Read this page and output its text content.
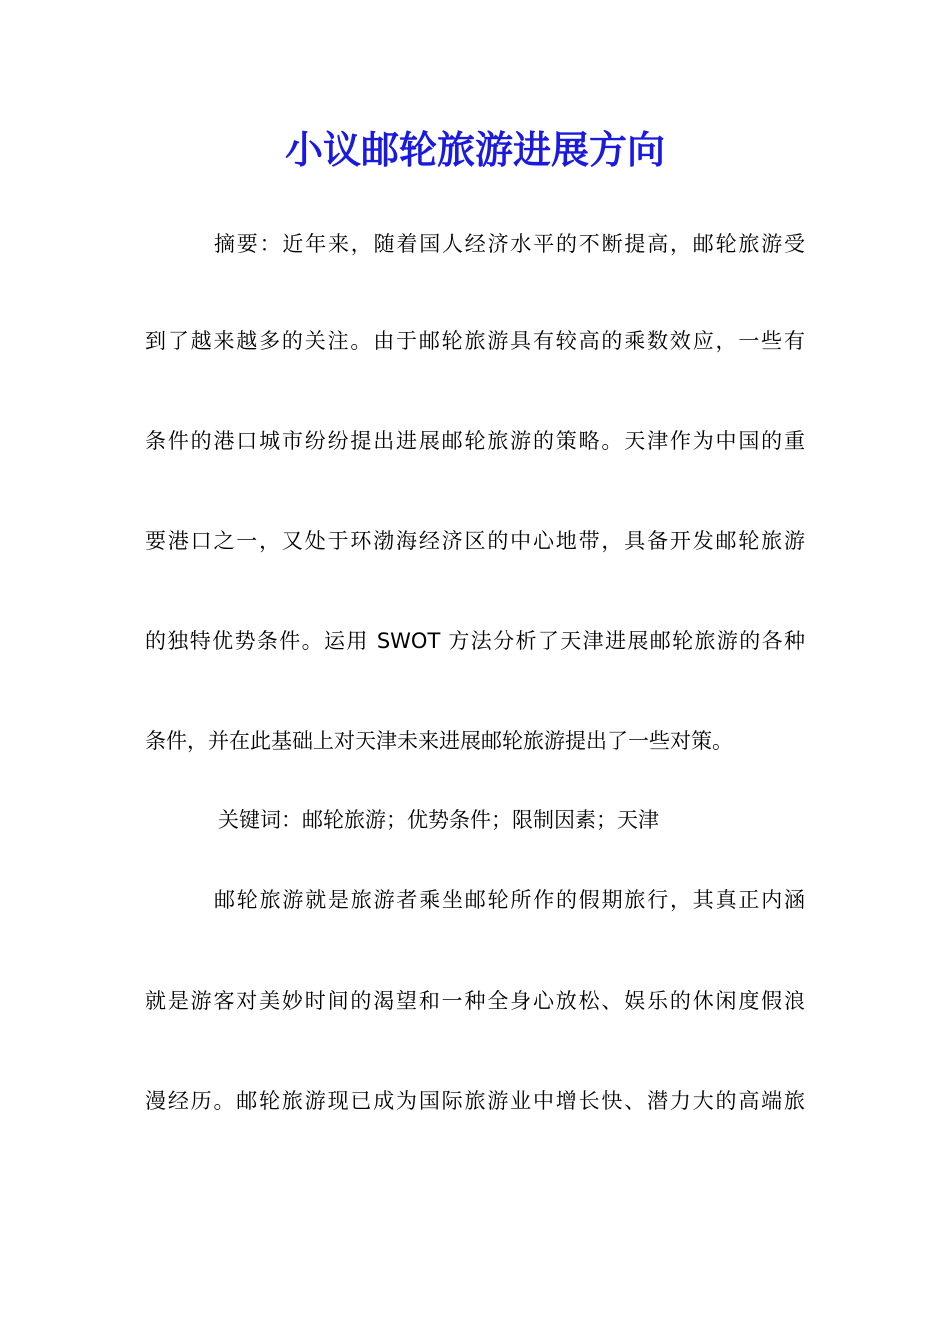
小议邮轮旅游进展方向

摘要：近年来，随着国人经济水平的不断提高，邮轮旅游受

到了越来越多的关注。由于邮轮旅游具有较高的乘数效应，一些有

条件的港口城市纷纷提出进展邮轮旅游的策略。天津作为中国的重

要港口之一，又处于环渤海经济区的中心地带，具备开发邮轮旅游

的独特优势条件。运用 SWOT 方法分析了天津进展邮轮旅游的各种

条件，并在此基础上对天津未来进展邮轮旅游提出了一些对策。

关键词：邮轮旅游；优势条件；限制因素；天津

邮轮旅游就是旅游者乘坐邮轮所作的假期旅行，其真正内涵

就是游客对美妙时间的渴望和一种全身心放松、娱乐的休闲度假浪

漫经历。邮轮旅游现已成为国际旅游业中增长快、潜力大的高端旅
